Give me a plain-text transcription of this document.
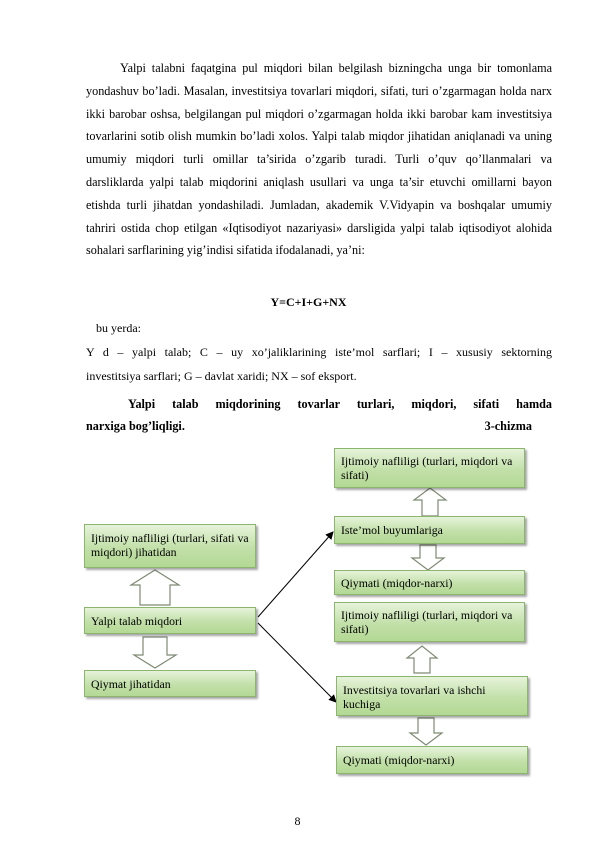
Yalpi talabni faqatgina pul miqdori bilan belgilash bizningcha unga bir tomonlama yondashuv bo’ladi. Masalan, investitsiya tovarlari miqdori, sifati, turi o’zgarmagan holda narx ikki barobar oshsa, belgilangan pul miqdori o’zgarmagan holda ikki barobar kam investitsiya tovarlarini sotib olish mumkin bo’ladi xolos. Yalpi talab miqdor jihatidan aniqlanadi va uning umumiy miqdori turli omillar ta’sirida o’zgarib turadi. Turli o’quv qo’llanmalari va darsliklarda yalpi talab miqdorini aniqlash usullari va unga ta’sir etuvchi omillarni bayon etishda turli jihatdan yondashiladi. Jumladan, akademik V.Vidyapin va boshqalar umumiy tahriri ostida chop etilgan «Iqtisodiyot nazariyasi» darsligida yalpi talab iqtisodiyot alohida sohalari sarflarining yig’indisi sifatida ifodalanadi, ya’ni:

Y=C+I+G+NX
bu yerda:
Y d – yalpi talab; C – uy xo’jaliklarining iste’mol sarflari; I – xususiy sektorning
investitsiya sarflari; G – davlat xaridi; NX – sof eksport.
Yalpi talab miqdorining tovarlar turlari, miqdori, sifati hamda
narxiga bog’liqligi.	3-chizma
Ijtimoiy nafliligi (turlari, sifati va miqdori) jihatidan
Yalpi talab miqdori
Qiymat jihatidan
Ijtimoiy nafliligi (turlari, miqdori va sifati)
Iste’mol buyumlariga
Qiymati (miqdor-narxi)
Ijtimoiy nafliligi (turlari, miqdori va sifati)
Investitsiya tovarlari va ishchi kuchiga
Qiymati (miqdor-narxi)
8
